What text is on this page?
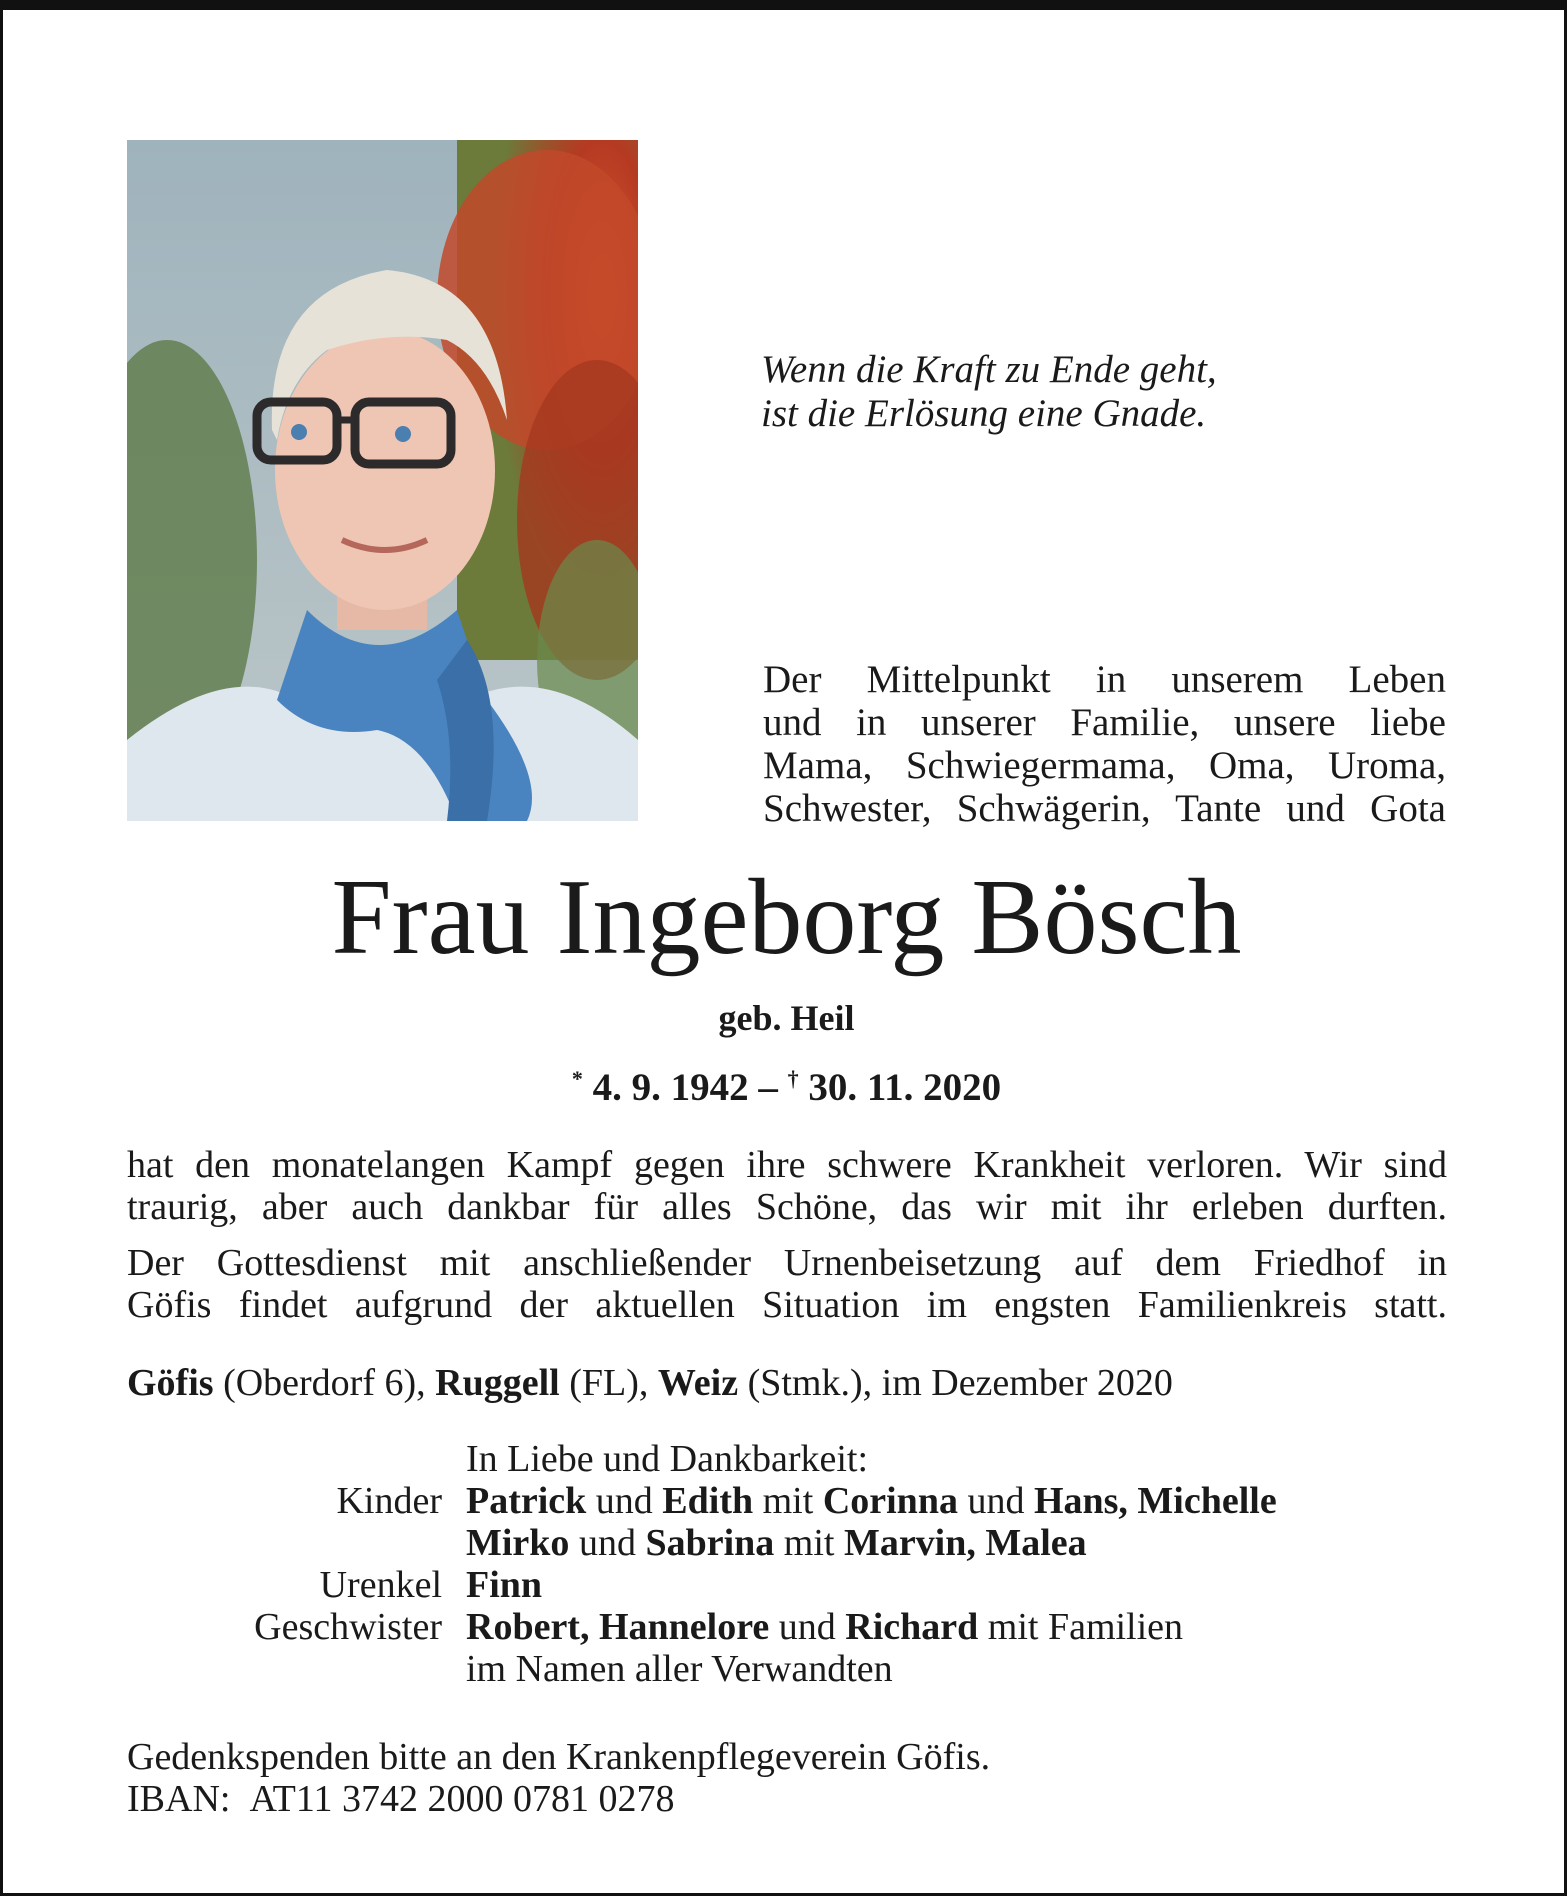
Wenn die Kraft zu Ende geht,
ist die Erlösung eine Gnade.
Der Mittelpunkt in unserem Leben
und in unserer Familie, unsere liebe
Mama, Schwiegermama, Oma, Uroma,
Schwester, Schwägerin, Tante und Gota
Frau Ingeborg Bösch
geb. Heil
* 4. 9. 1942 – † 30. 11. 2020
hat den monatelangen Kampf gegen ihre schwere Krankheit verloren. Wir sind
traurig, aber auch dankbar für alles Schöne, das wir mit ihr erleben durften.
Der Gottesdienst mit anschließender Urnenbeisetzung auf dem Friedhof in
Göfis findet aufgrund der aktuellen Situation im engsten Familienkreis statt.
Göfis (Oberdorf 6), Ruggell (FL), Weiz (Stmk.), im Dezember 2020
In Liebe und Dankbarkeit:
Kinder Patrick und Edith mit Corinna und Hans, Michelle
Mirko und Sabrina mit Marvin, Malea
Urenkel Finn
Geschwister Robert, Hannelore und Richard mit Familien
im Namen aller Verwandten
Gedenkspenden bitte an den Krankenpflegeverein Göfis.
IBAN: AT11 3742 2000 0781 0278
